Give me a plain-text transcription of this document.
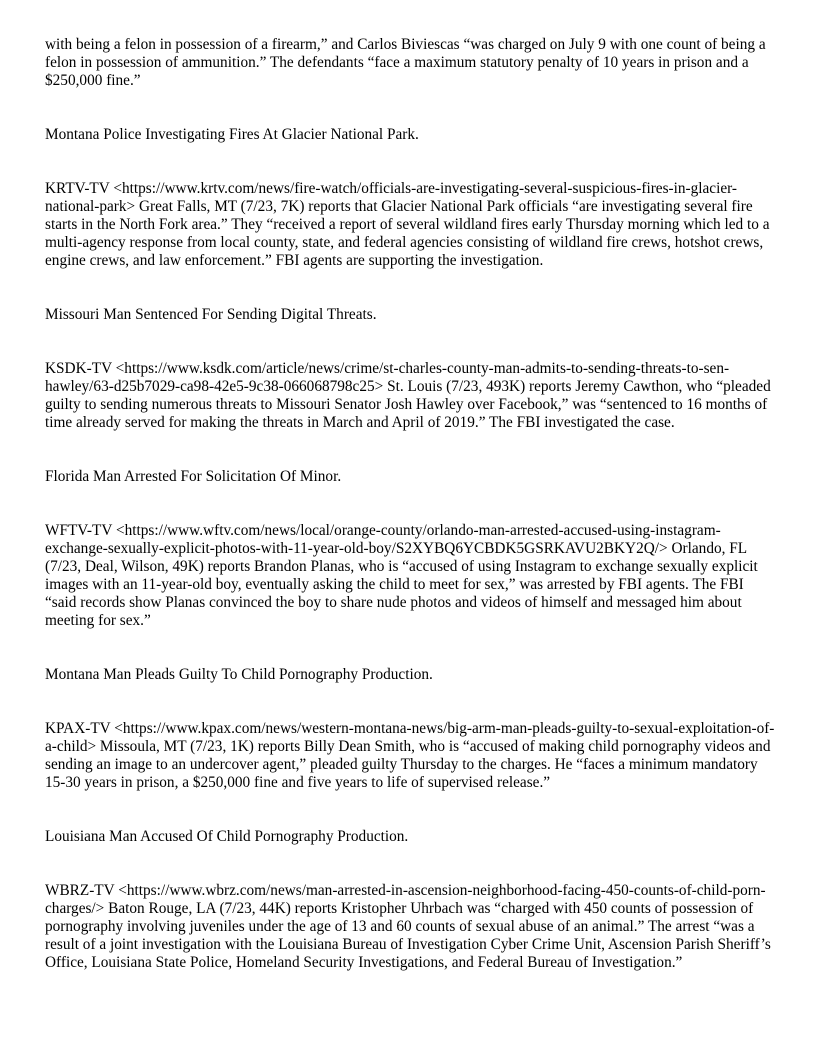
with being a felon in possession of a firearm,” and Carlos Biviescas “was charged on July 9 with one count of being a felon in possession of ammunition.” The defendants “face a maximum statutory penalty of 10 years in prison and a $250,000 fine.”

Montana Police Investigating Fires At Glacier National Park.

KRTV-TV <https://www.krtv.com/news/fire-watch/officials-are-investigating-several-suspicious-fires-in-glacier-national-park> Great Falls, MT (7/23, 7K) reports that Glacier National Park officials “are investigating several fire starts in the North Fork area.” They “received a report of several wildland fires early Thursday morning which led to a multi-agency response from local county, state, and federal agencies consisting of wildland fire crews, hotshot crews, engine crews, and law enforcement.” FBI agents are supporting the investigation.

Missouri Man Sentenced For Sending Digital Threats.

KSDK-TV <https://www.ksdk.com/article/news/crime/st-charles-county-man-admits-to-sending-threats-to-sen-hawley/63-d25b7029-ca98-42e5-9c38-066068798c25> St. Louis (7/23, 493K) reports Jeremy Cawthon, who “pleaded guilty to sending numerous threats to Missouri Senator Josh Hawley over Facebook,” was “sentenced to 16 months of time already served for making the threats in March and April of 2019.” The FBI investigated the case.

Florida Man Arrested For Solicitation Of Minor.

WFTV-TV <https://www.wftv.com/news/local/orange-county/orlando-man-arrested-accused-using-instagram-exchange-sexually-explicit-photos-with-11-year-old-boy/S2XYBQ6YCBDK5GSRKAVU2BKY2Q/> Orlando, FL (7/23, Deal, Wilson, 49K) reports Brandon Planas, who is “accused of using Instagram to exchange sexually explicit images with an 11-year-old boy, eventually asking the child to meet for sex,” was arrested by FBI agents. The FBI “said records show Planas convinced the boy to share nude photos and videos of himself and messaged him about meeting for sex.”

Montana Man Pleads Guilty To Child Pornography Production.

KPAX-TV <https://www.kpax.com/news/western-montana-news/big-arm-man-pleads-guilty-to-sexual-exploitation-of-a-child> Missoula, MT (7/23, 1K) reports Billy Dean Smith, who is “accused of making child pornography videos and sending an image to an undercover agent,” pleaded guilty Thursday to the charges. He “faces a minimum mandatory 15-30 years in prison, a $250,000 fine and five years to life of supervised release.”

Louisiana Man Accused Of Child Pornography Production.

WBRZ-TV <https://www.wbrz.com/news/man-arrested-in-ascension-neighborhood-facing-450-counts-of-child-porn-charges/> Baton Rouge, LA (7/23, 44K) reports Kristopher Uhrbach was “charged with 450 counts of possession of pornography involving juveniles under the age of 13 and 60 counts of sexual abuse of an animal.” The arrest “was a result of a joint investigation with the Louisiana Bureau of Investigation Cyber Crime Unit, Ascension Parish Sheriff’s Office, Louisiana State Police, Homeland Security Investigations, and Federal Bureau of Investigation.”
